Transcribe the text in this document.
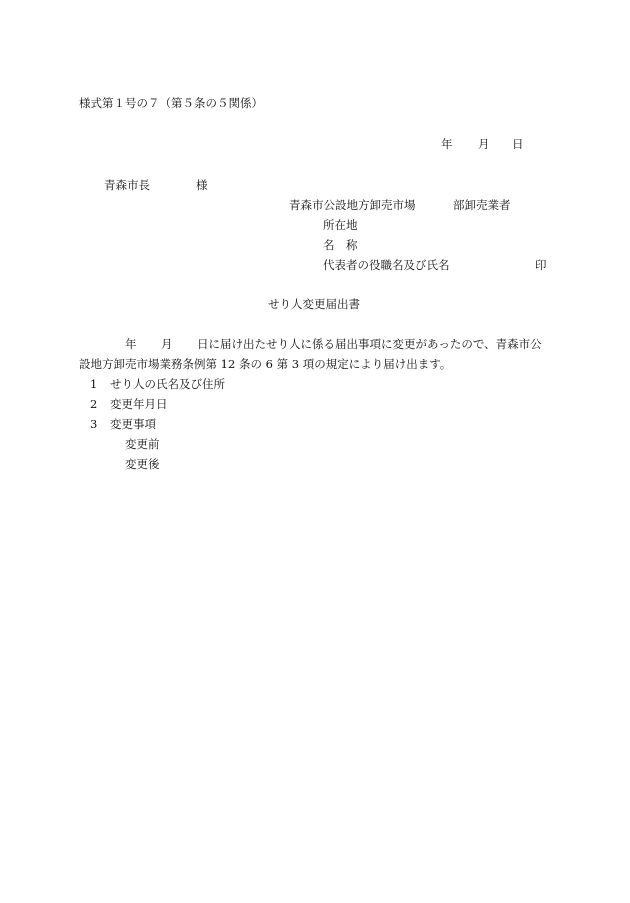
様式第１号の７（第５条の５関係）
年 月 日
青森市長	様
青森市公設地方卸売市場	部卸売業者
所在地
名　称
代表者の役職名及び氏名	印
せり人変更届出書
年 月 日に届け出たせり人に係る届出事項に変更があったので、青森市公
設地方卸売市場業務条例第 12 条の 6 第 3 項の規定により届け出ます。
1 せり人の氏名及び住所
2 変更年月日
3 変更事項
変更前
変更後
